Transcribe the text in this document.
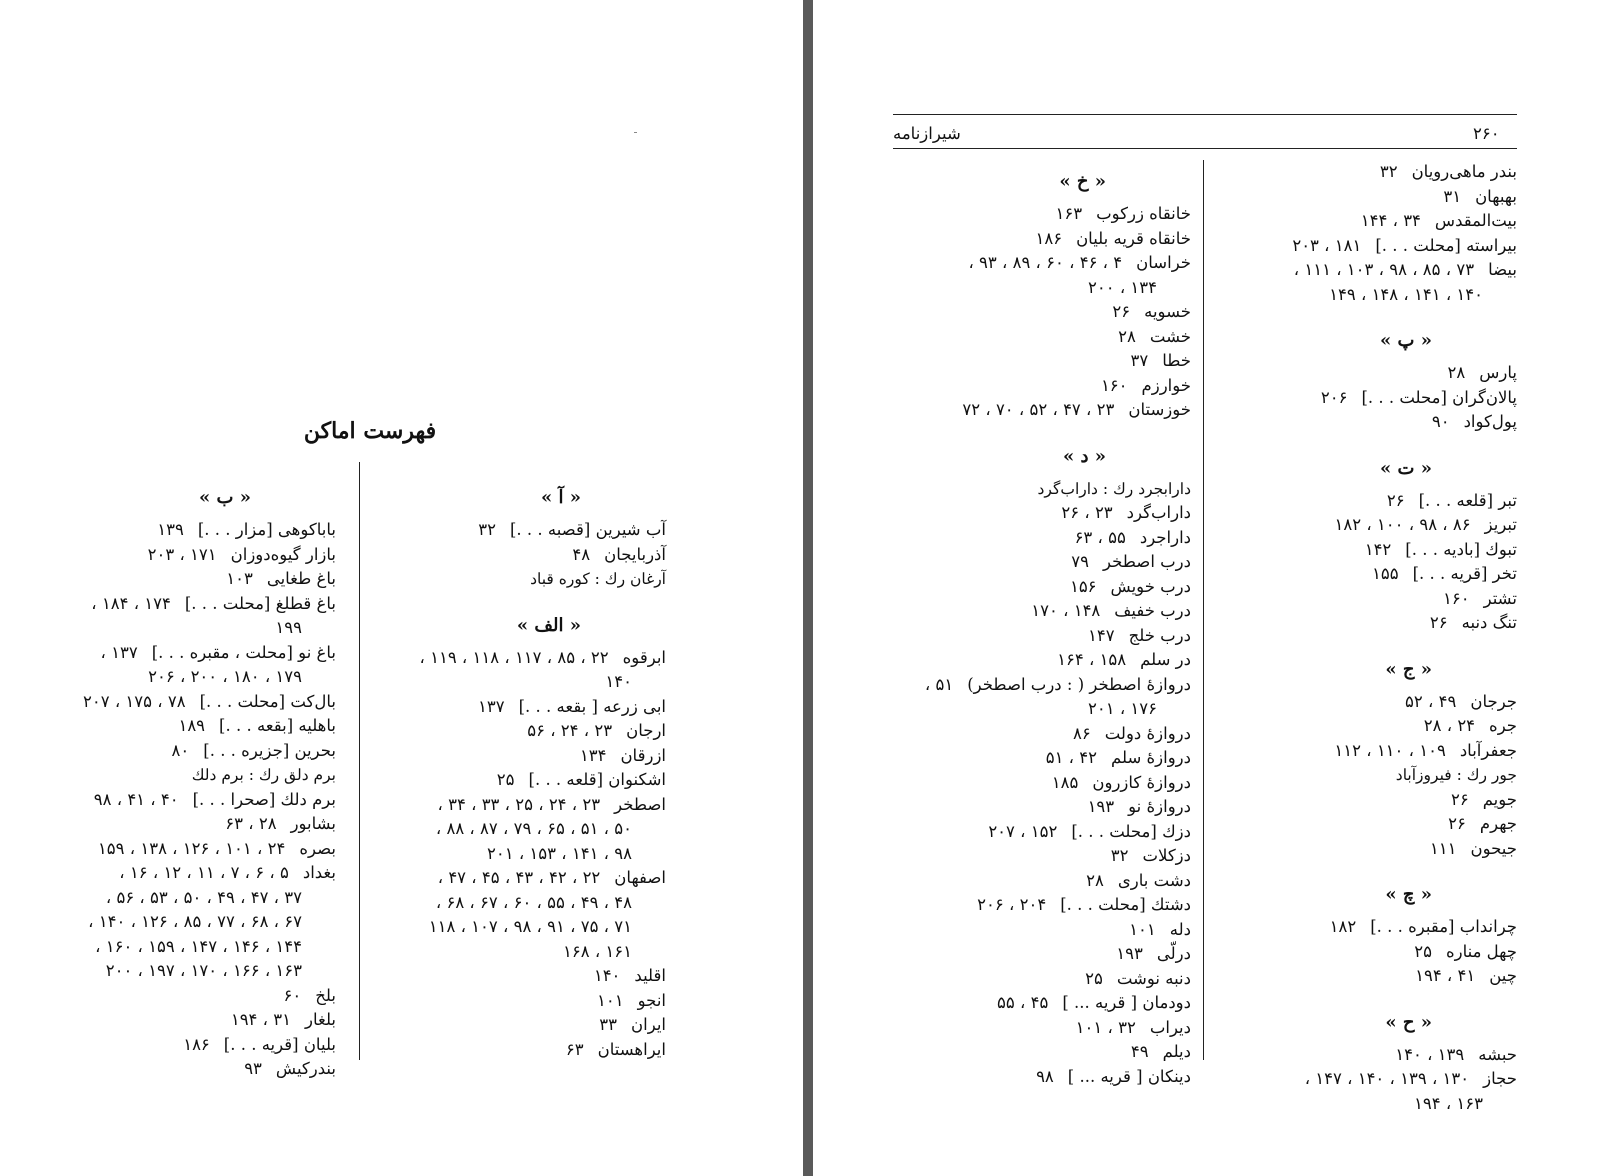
فهرست اماکن
« آ »
آب شیرین [قصبه . . .]۳۲
آذربایجان۴۸
آرغان رك : کوره قباد
« الف »
ابرقوه۲۲ ، ۸۵ ، ۱۱۷ ، ۱۱۸ ، ۱۱۹ ،
۱۴۰
ابی زرعه [ بقعه . . .]۱۳۷
ارجان۲۳ ، ۲۴ ، ۵۶
ازرقان۱۳۴
اشکنوان [قلعه . . .]۲۵
اصطخر۲۳ ، ۲۴ ، ۲۵ ، ۳۳ ، ۳۴ ،
۵۰ ، ۵۱ ، ۶۵ ، ۷۹ ، ۸۷ ، ۸۸ ،
۹۸ ، ۱۴۱ ، ۱۵۳ ، ۲۰۱
اصفهان۲۲ ، ۴۲ ، ۴۳ ، ۴۵ ، ۴۷ ،
۴۸ ، ۴۹ ، ۵۵ ، ۶۰ ، ۶۷ ، ۶۸ ،
۷۱ ، ۷۵ ، ۹۱ ، ۹۸ ، ۱۰۷ ، ۱۱۸
۱۶۱ ، ۱۶۸
اقلید۱۴۰
انجو۱۰۱
ایران۳۳
ایراهستان۶۳
« ب »
باباکوهی [مزار . . .]۱۳۹
بازار گیوه‌دوزان۱۷۱ ، ۲۰۳
باغ طغایی۱۰۳
باغ قطلغ [محلت . . .]۱۷۴ ، ۱۸۴ ،
۱۹۹
باغ نو [محلت ، مقبره . . .]۱۳۷ ،
۱۷۹ ، ۱۸۰ ، ۲۰۰ ، ۲۰۶
بال‌کت [محلت . . .]۷۸ ، ۱۷۵ ، ۲۰۷
باهلیه [بقعه . . .]۱۸۹
بحرین [جزیره . . .]۸۰
برم دلق رك : برم دلك
برم دلك [صحرا . . .]۴۰ ، ۴۱ ، ۹۸
بشابور۲۸ ، ۶۳
بصره۲۴ ، ۱۰۱ ، ۱۲۶ ، ۱۳۸ ، ۱۵۹
بغداد۵ ، ۶ ، ۷ ، ۱۱ ، ۱۲ ، ۱۶ ،
۳۷ ، ۴۷ ، ۴۹ ، ۵۰ ، ۵۳ ، ۵۶ ،
۶۷ ، ۶۸ ، ۷۷ ، ۸۵ ، ۱۲۶ ، ۱۴۰ ،
۱۴۴ ، ۱۴۶ ، ۱۴۷ ، ۱۵۹ ، ۱۶۰ ،
۱۶۳ ، ۱۶۶ ، ۱۷۰ ، ۱۹۷ ، ۲۰۰
بلخ۶۰
بلغار۳۱ ، ۱۹۴
بلیان [قریه . . .]۱۸۶
بندرکیش۹۳
۲۶۰
شیرازنامه
بندر ماهی‌رویان۳۲
بهبهان۳۱
بیت‌المقدس۳۴ ، ۱۴۴
بیراسته [محلت . . .]۱۸۱ ، ۲۰۳
بیضا۷۳ ، ۸۵ ، ۹۸ ، ۱۰۳ ، ۱۱۱ ،
۱۴۰ ، ۱۴۱ ، ۱۴۸ ، ۱۴۹
« پ »
پارس۲۸
پالان‌گران [محلت . . .]۲۰۶
پول‌کواد۹۰
« ت »
تبر [قلعه . . .]۲۶
تبریز۸۶ ، ۹۸ ، ۱۰۰ ، ۱۸۲
تبوك [بادیه . . .]۱۴۲
تخر [قریه . . .]۱۵۵
تشتر۱۶۰
تنگ دنبه۲۶
« ج »
جرجان۴۹ ، ۵۲
جره۲۴ ، ۲۸
جعفرآباد۱۰۹ ، ۱۱۰ ، ۱۱۲
جور رك : فیروزآباد
جویم۲۶
جهرم۲۶
جیحون۱۱۱
« چ »
چرانداب [مقبره . . .]۱۸۲
چهل مناره۲۵
چین۴۱ ، ۱۹۴
« ح »
حبشه۱۳۹ ، ۱۴۰
حجاز۱۳۰ ، ۱۳۹ ، ۱۴۰ ، ۱۴۷ ،
۱۶۳ ، ۱۹۴
« خ »
خانقاه زرکوب۱۶۳
خانقاه قریه بلیان۱۸۶
خراسان۴ ، ۴۶ ، ۶۰ ، ۸۹ ، ۹۳ ،
۱۳۴ ، ۲۰۰
خسویه۲۶
خشت۲۸
خطا۳۷
خوارزم۱۶۰
خوزستان۲۳ ، ۴۷ ، ۵۲ ، ۷۰ ، ۷۲
« د »
دارابجرد رك : داراب‌گرد
داراب‌گرد۲۳ ، ۲۶
داراجرد۵۵ ، ۶۳
درب اصطخر۷۹
درب خویش۱۵۶
درب خفیف۱۴۸ ، ۱۷۰
درب خلج۱۴۷
در سلم۱۵۸ ، ۱۶۴
دروازهٔ اصطخر ( : درب اصطخر)۵۱ ،
۱۷۶ ، ۲۰۱
دروازهٔ دولت۸۶
دروازهٔ سلم۴۲ ، ۵۱
دروازهٔ کازرون۱۸۵
دروازهٔ نو۱۹۳
دزك [محلت . . .]۱۵۲ ، ۲۰۷
دزکلات۳۲
دشت باری۲۸
دشتك [محلت . . .]۲۰۴ ، ۲۰۶
دله۱۰۱
درلّی۱۹۳
دنبه نوشت۲۵
دودمان [ قریه ... ]۴۵ ، ۵۵
دیراب۳۲ ، ۱۰۱
دیلم۴۹
دینکان [ قریه ... ]۹۸
